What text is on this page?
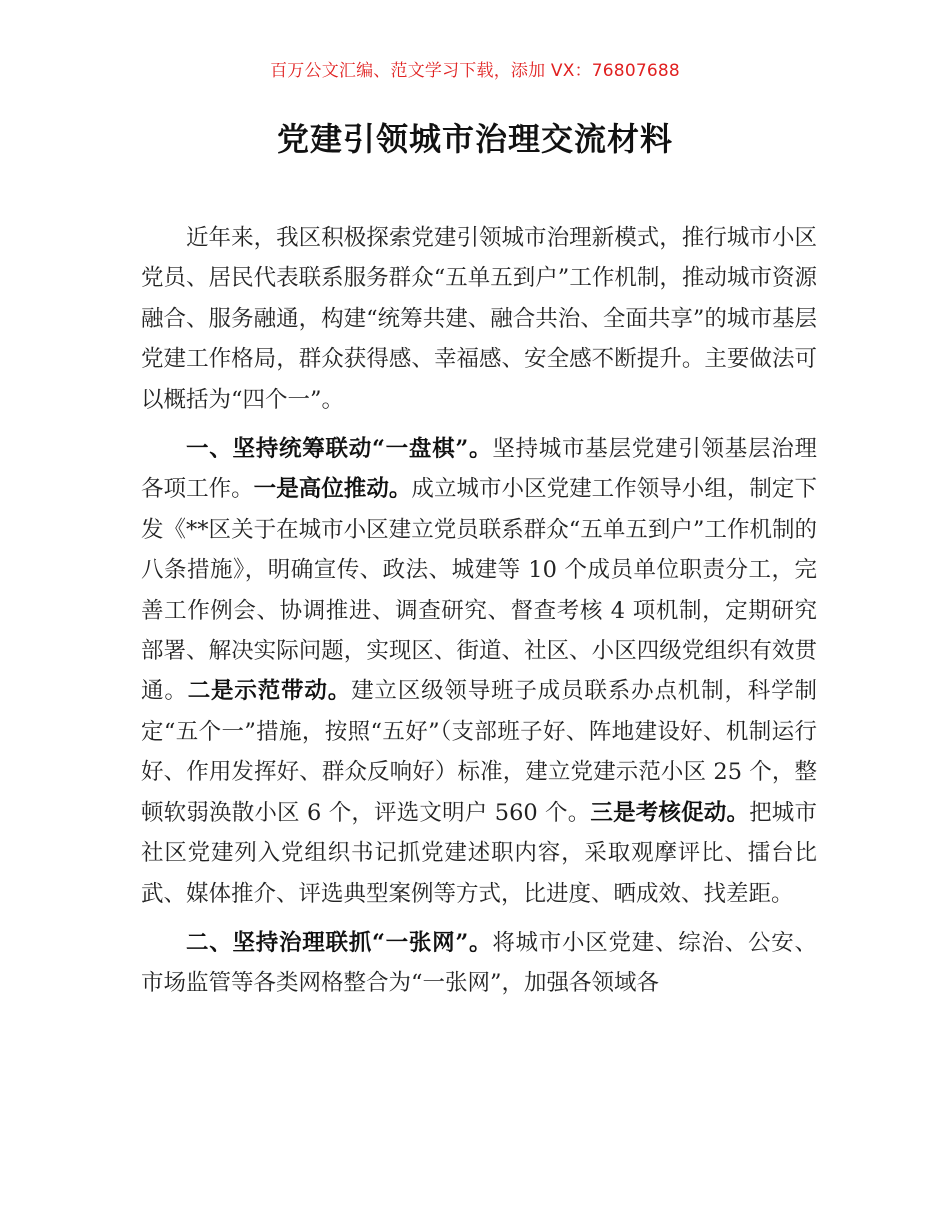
百万公文汇编、范文学习下载，添加 VX：76807688
党建引领城市治理交流材料

近年来，我区积极探索党建引领城市治理新模式，推行城市小区党员、居民代表联系服务群众“五单五到户”工作机制，推动城市资源融合、服务融通，构建“统筹共建、融合共治、全面共享”的城市基层党建工作格局，群众获得感、幸福感、安全感不断提升。主要做法可以概括为“四个一”。

一、坚持统筹联动“一盘棋”。坚持城市基层党建引领基层治理各项工作。一是高位推动。成立城市小区党建工作领导小组，制定下发《**区关于在城市小区建立党员联系群众“五单五到户”工作机制的八条措施》，明确宣传、政法、城建等 10 个成员单位职责分工，完善工作例会、协调推进、调查研究、督查考核 4 项机制，定期研究部署、解决实际问题，实现区、街道、社区、小区四级党组织有效贯通。二是示范带动。建立区级领导班子成员联系办点机制，科学制定“五个一”措施，按照“五好”（支部班子好、阵地建设好、机制运行好、作用发挥好、群众反响好）标准，建立党建示范小区 25 个，整顿软弱涣散小区 6 个，评选文明户 560 个。三是考核促动。把城市社区党建列入党组织书记抓党建述职内容，采取观摩评比、擂台比武、媒体推介、评选典型案例等方式，比进度、晒成效、找差距。

二、坚持治理联抓“一张网”。将城市小区党建、综治、公安、市场监管等各类网格整合为“一张网”，加强各领域各
